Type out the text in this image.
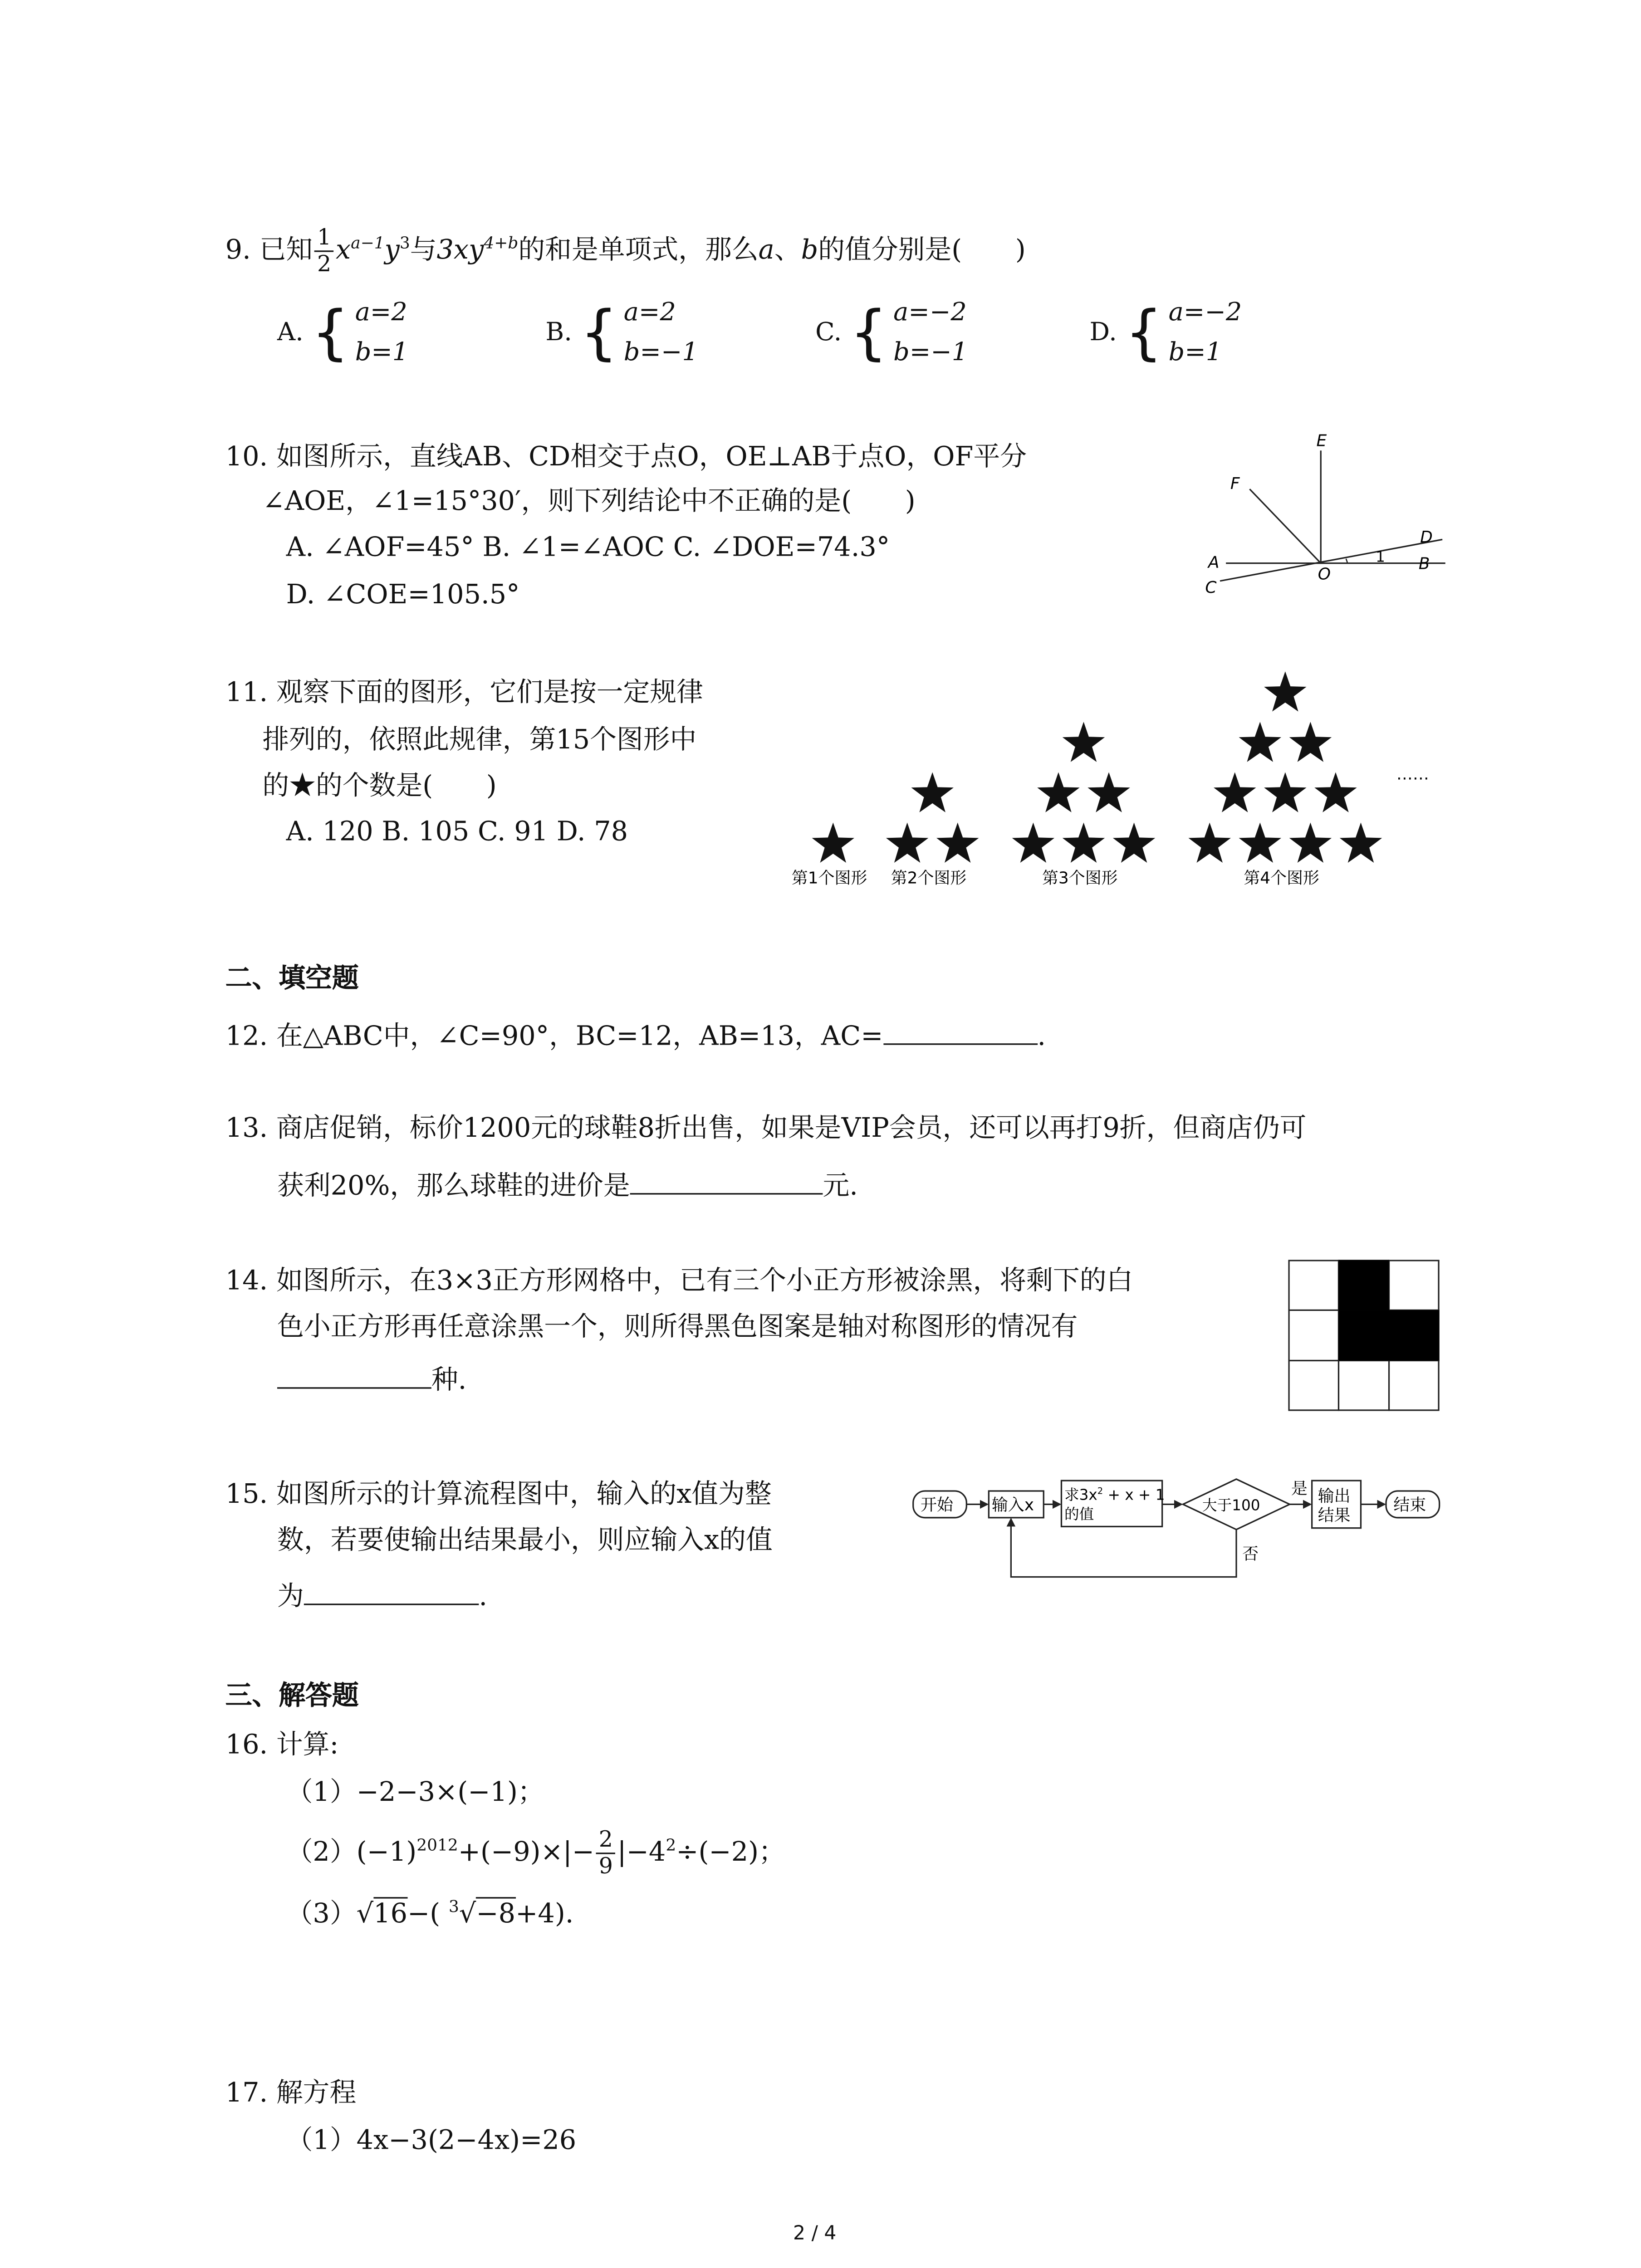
9. 已知 $\frac{1}{2} x^{a-1}y^3$与$3xy^{4+b}$的和是单项式，那么a、b的值分别是(　　)
A. { a=2
b=1
B. { a=2
b=−1
C. { a=−2
b=−1
D. { a=−2
b=1
10. 如图所示，直线AB、CD相交于点O，OE⊥AB于点O，OF平分
∠AOE，∠1=15°30′，则下列结论中不正确的是(　　)
A. ∠AOF=45° B. ∠1=∠AOC C. ∠DOE=74.3°
D. ∠COE=105.5°
E
F
D
A
O
B
C
1
11. 观察下面的图形，它们是按一定规律
排列的，依照此规律，第15个图形中
的★的个数是(　　)
A. 120 B. 105 C. 91 D. 78
第1个图形	第2个图形	第3个图形	第4个图形
……
二、填空题
12. 在△ABC中，∠C=90°，BC=12，AB=13，AC=	.
13. 商店促销，标价1200元的球鞋8折出售，如果是VIP会员，还可以再打9折，但商店仍可
获利20%，那么球鞋的进价是	元.
14. 如图所示，在3×3正方形网格中，已有三个小正方形被涂黑，将剩下的白
色小正方形再任意涂黑一个，则所得黑色图案是轴对称图形的情况有
种.
15. 如图所示的计算流程图中，输入的x值为整
数，若要使输出结果最小，则应输入x的值
为	.
开始	输入x
求$3x^2 + x + 1$
的值
大于100
是 输出
结果
结束
否
三、解答题
16. 计算:
（1）−2−3×(−1)；
$(2)(-1)^{2012}+(-9)\times|- \frac{2}{9} |-4^2\div(-2)$；
（3）√16−( $^3$√−8+4).
17. 解方程
（1）4x−3(2−4x)=26
2 / 4
